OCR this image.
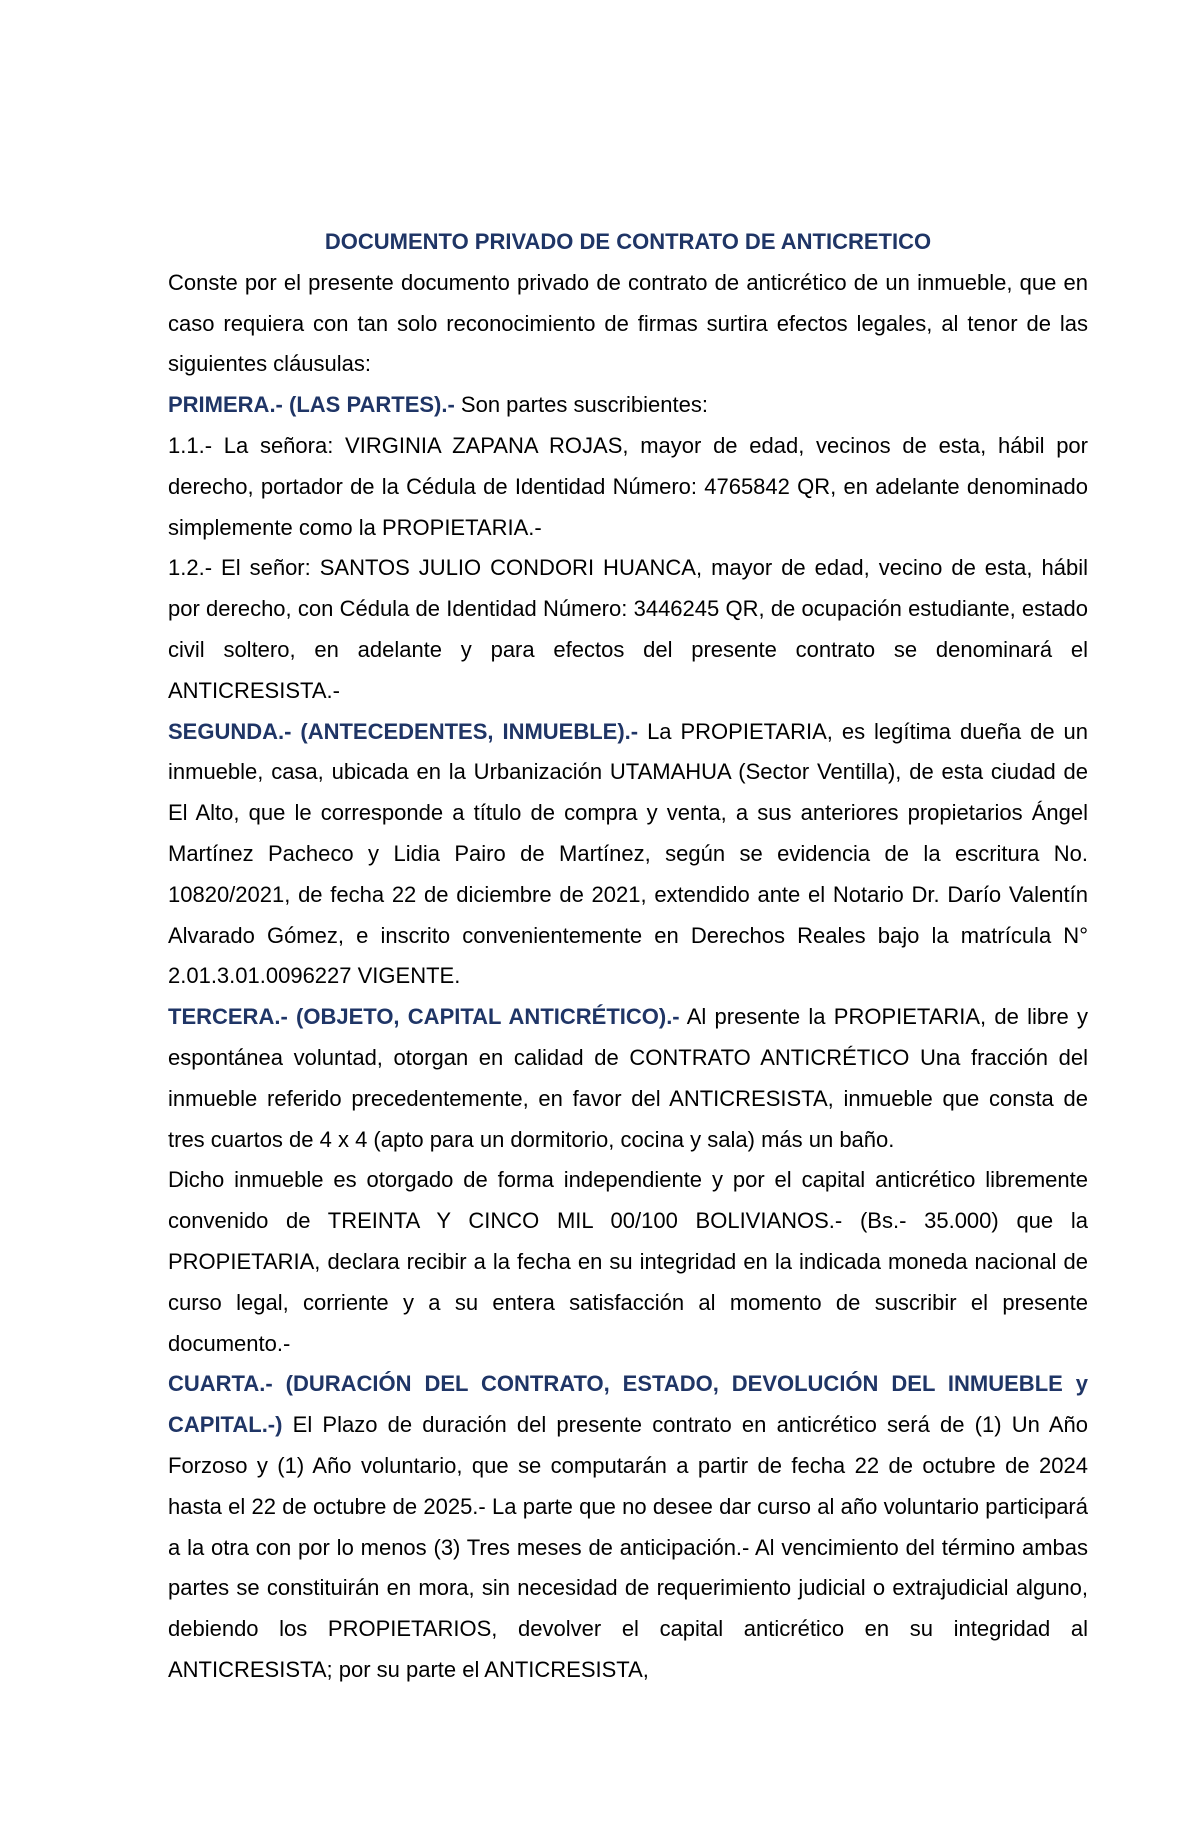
DOCUMENTO PRIVADO DE CONTRATO DE ANTICRETICO

Conste por el presente documento privado de contrato de anticrético de un inmueble, que en caso requiera con tan solo reconocimiento de firmas surtira efectos legales, al tenor de las siguientes cláusulas:

PRIMERA.- (LAS PARTES).- Son partes suscribientes:

1.1.- La señora: VIRGINIA ZAPANA ROJAS, mayor de edad, vecinos de esta, hábil por derecho, portador de la Cédula de Identidad Número: 4765842 QR, en adelante denominado simplemente como la PROPIETARIA.-

1.2.- El señor: SANTOS JULIO CONDORI HUANCA, mayor de edad, vecino de esta, hábil por derecho, con Cédula de Identidad Número: 3446245 QR, de ocupación estudiante, estado civil soltero, en adelante y para efectos del presente contrato se denominará el ANTICRESISTA.-

SEGUNDA.- (ANTECEDENTES, INMUEBLE).- La PROPIETARIA, es legítima dueña de un inmueble, casa, ubicada en la Urbanización UTAMAHUA (Sector Ventilla), de esta ciudad de El Alto, que le corresponde a título de compra y venta, a sus anteriores propietarios Ángel Martínez Pacheco y Lidia Pairo de Martínez, según se evidencia de la escritura No. 10820/2021, de fecha 22 de diciembre de 2021, extendido ante el Notario Dr. Darío Valentín Alvarado Gómez, e inscrito convenientemente en Derechos Reales bajo la matrícula N° 2.01.3.01.0096227 VIGENTE.

TERCERA.- (OBJETO, CAPITAL ANTICRÉTICO).- Al presente la PROPIETARIA, de libre y espontánea voluntad, otorgan en calidad de CONTRATO ANTICRÉTICO Una fracción del inmueble referido precedentemente, en favor del ANTICRESISTA, inmueble que consta de tres cuartos de 4 x 4 (apto para un dormitorio, cocina y sala) más un baño.

Dicho inmueble es otorgado de forma independiente y por el capital anticrético libremente convenido de TREINTA Y CINCO MIL 00/100 BOLIVIANOS.- (Bs.- 35.000) que la PROPIETARIA, declara recibir a la fecha en su integridad en la indicada moneda nacional de curso legal, corriente y a su entera satisfacción al momento de suscribir el presente documento.-

CUARTA.- (DURACIÓN DEL CONTRATO, ESTADO, DEVOLUCIÓN DEL INMUEBLE y CAPITAL.-) El Plazo de duración del presente contrato en anticrético será de (1) Un Año Forzoso y (1) Año voluntario, que se computarán a partir de fecha 22 de octubre de 2024 hasta el 22 de octubre de 2025.- La parte que no desee dar curso al año voluntario participará a la otra con por lo menos (3) Tres meses de anticipación.- Al vencimiento del término ambas partes se constituirán en mora, sin necesidad de requerimiento judicial o extrajudicial alguno, debiendo los PROPIETARIOS, devolver el capital anticrético en su integridad al ANTICRESISTA; por su parte el ANTICRESISTA,
